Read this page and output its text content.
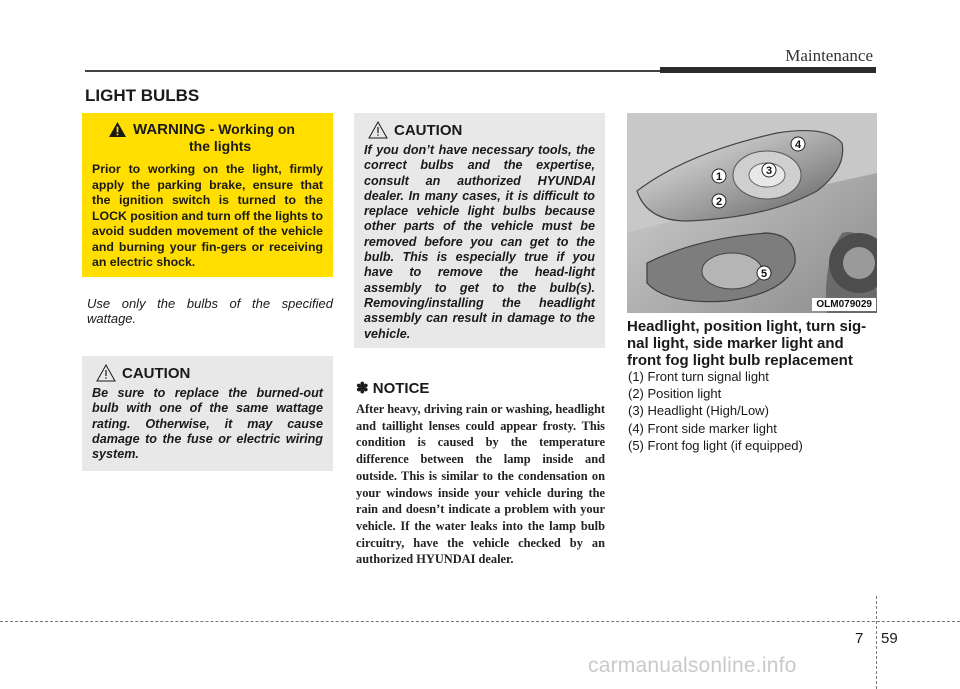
Maintenance
LIGHT BULBS
WARNING - Working on
the lights
Prior to working on the light, firmly apply the parking brake, ensure that the ignition switch is turned to the LOCK position and turn off the lights to avoid sudden movement of the vehicle and burning your fin-gers or receiving an electric shock.
Use only the bulbs of the specified wattage.
CAUTION
Be sure to replace the burned-out bulb with one of the same wattage rating. Otherwise, it may cause damage to the fuse or electric wiring system.
CAUTION
If you don’t have necessary tools, the correct bulbs and the expertise, consult an authorized HYUNDAI dealer. In many cases, it is difficult to replace vehicle light bulbs because other parts of the vehicle must be removed before you can get to the bulb. This is especially true if you have to remove the head-light assembly to get to the bulb(s). Removing/installing the headlight assembly can result in damage to the vehicle.
✽ NOTICE
After heavy, driving rain or washing, headlight and taillight lenses could appear frosty. This condition is caused by the temperature difference between the lamp inside and outside. This is similar to the condensation on your windows inside your vehicle during the rain and doesn’t indicate a problem with your vehicle. If the water leaks into the lamp bulb circuitry, have the vehicle checked by an authorized HYUNDAI dealer.
1
2
3
4
5
OLM079029
Headlight, position light, turn sig-nal light, side marker light and front fog light bulb replacement
(1) Front turn signal light
(2) Position light
(3) Headlight (High/Low)
(4) Front side marker light
(5) Front fog light (if equipped)
7 59
carmanualsonline.info
